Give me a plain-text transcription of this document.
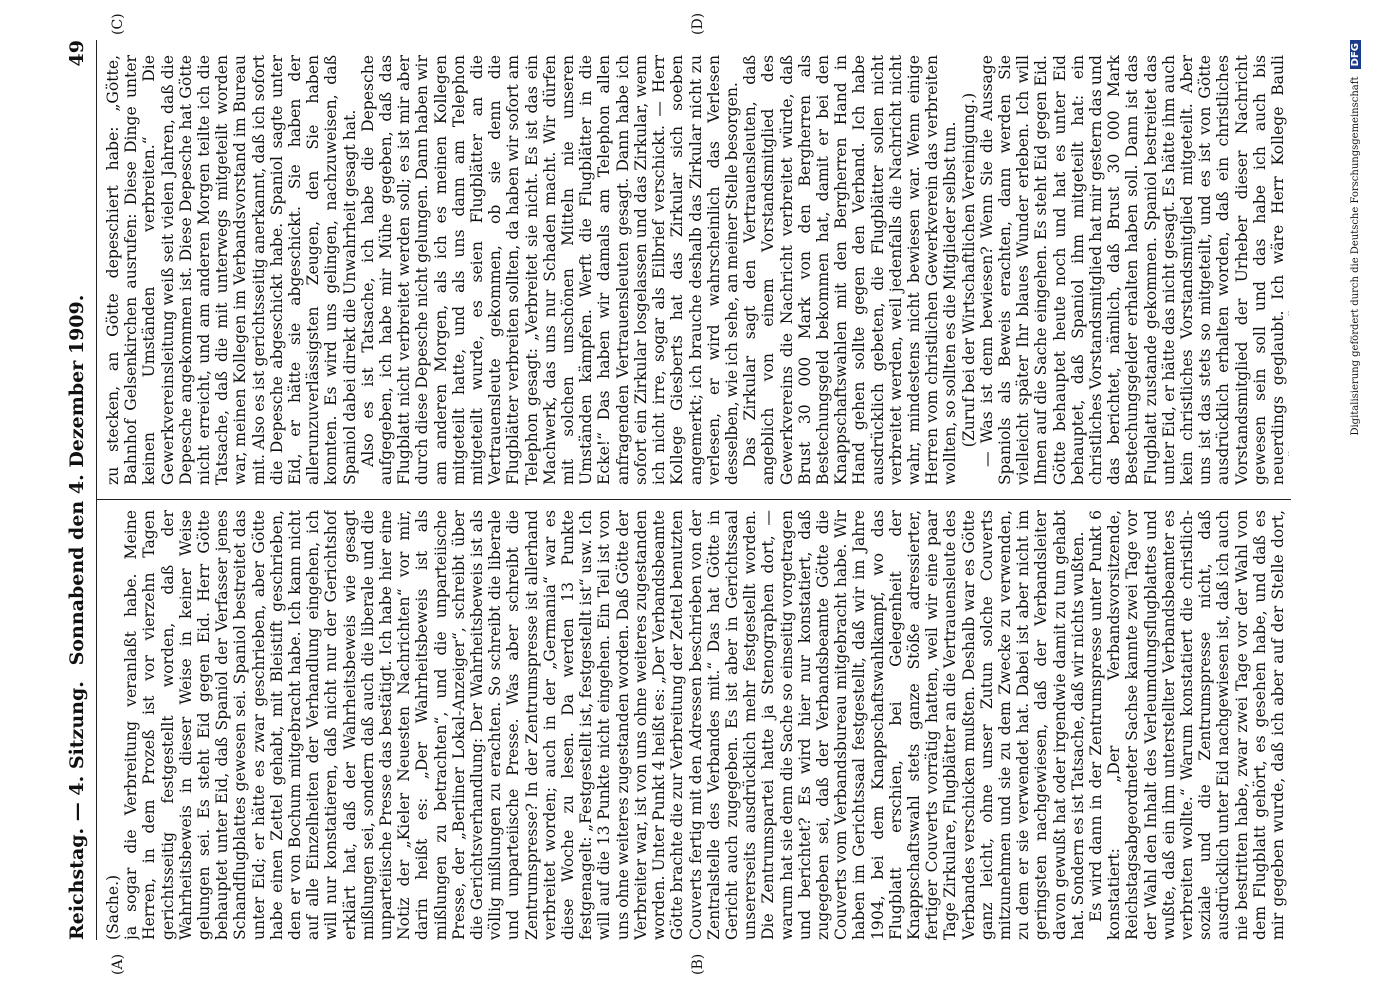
Reichstag. — 4. Sitzung.
Sonnabend den 4. Dezember 1909.
49
(A)	(B)
(C)	(D)

(Sache.) ja sogar die Verbreitung veranlaßt habe. Meine Herren, in dem Prozeß ist vor vierzehn Tagen gerichtsseitig festgestellt worden, daß der Wahrheitsbeweis in dieser Weise in keiner Weise gelungen sei. Es steht Eid gegen Eid. Herr Götte behauptet unter Eid, daß Spaniol der Verfasser jenes Schandflugblattes gewesen sei. Spaniol bestreitet das unter Eid; er hätte es zwar geschrieben, aber Götte habe einen Zettel gehabt, mit Bleistift geschrieben, den er von Bochum mitgebracht habe. Ich kann nicht auf alle Einzelheiten der Verhandlung eingehen, ich will nur konstatieren, daß nicht nur der Gerichtshof erklärt hat, daß der Wahrheitsbeweis wie gesagt mißlungen sei, sondern daß auch die liberale und die unparteiische Presse das bestätigt. Ich habe hier eine Notiz der „Kieler Neuesten Nachrichten“ vor mir, darin heißt es: „Der Wahrheitsbeweis ist als mißlungen zu betrachten“, und die unparteiische Presse, der „Berliner Lokal-Anzeiger“, schreibt über die Gerichtsverhandlung: Der Wahrheitsbeweis ist als völlig mißlungen zu erachten. So schreibt die liberale und unparteiische Presse. Was aber schreibt die Zentrumspresse? In der Zentrumspresse ist allerhand verbreitet worden; auch in der „Germania“ war es diese Woche zu lesen. Da werden 13 Punkte festgenagelt: „Festgestellt ist, festgestellt ist“ usw. Ich will auf die 13 Punkte nicht eingehen. Ein Teil ist von uns ohne weiteres zugestanden worden. Daß Götte der Verbreiter war, ist von uns ohne weiteres zugestanden worden. Unter Punkt 4 heißt es: „Der Verbandsbeamte Götte brachte die zur Verbreitung der Zettel benutzten Couverts fertig mit den Adressen beschrieben von der Zentralstelle des Verbandes mit.“ Das hat Götte in Gericht auch zugegeben. Es ist aber in Gerichtssaal unsererseits ausdrücklich mehr festgestellt worden. Die Zentrumspartei hatte ja Stenographen dort, — warum hat sie denn die Sache so einseitig vorgetragen und berichtet? Es wird hier nur konstatiert, daß zugegeben sei, daß der Verbandsbeamte Götte die Couverts vom Verbandsbureau mitgebracht habe. Wir haben im Gerichtssaal festgestellt, daß wir im Jahre 1904, bei dem Knappschaftswahlkampf, wo das Flugblatt erschien, bei Gelegenheit der Knappschaftswahl stets ganze Stöße adressierter, fertiger Couverts vorrätig hatten, weil wir eine paar Tage Zirkulare, Flugblätter an die Vertrauensleute des Verbandes verschicken mußten. Deshalb war es Götte ganz leicht, ohne unser Zutun solche Couverts mitzunehmen und sie zu dem Zwecke zu verwenden, zu dem er sie verwendet hat. Dabei ist aber nicht im geringsten nachgewiesen, daß der Verbandsleiter davon gewußt hat oder irgendwie damit zu tun gehabt hat. Sondern es ist Tatsache, daß wir nichts wußten. Es wird dann in der Zentrumspresse unter Punkt 6 konstatiert: „Der Verbandsvorsitzende, Reichstagsabgeordneter Sachse kannte zwei Tage vor der Wahl den Inhalt des Verleumdungsflugblattes und wußte, daß ein ihm unterstellter Verbandsbeamter es verbreiten wollte.“ Warum konstatiert die christlich-soziale und die Zentrumspresse nicht, daß ausdrücklich unter Eid nachgewiesen ist, daß ich auch nie bestritten habe, zwar zwei Tage vor der Wahl von dem Flugblatt gehört, es gesehen habe, und daß es mir gegeben wurde, daß ich aber auf der Stelle dort,

zu stecken, an Götte depeschiert habe: „Götte, Bahnhof Gelsenkirchen ausrufen: Diese Dinge unter keinen Umständen verbreiten.“ Die Gewerkvereinsleitung weiß seit vielen Jahren, daß die Depesche angekommen ist. Diese Depesche hat Götte nicht erreicht, und am anderen Morgen teilte ich die Tatsache, daß die mit unterwegs mitgeteilt worden war, meinen Kollegen im Verbandsvorstand im Bureau mit. Also es ist gerichtsseitig anerkannt, daß ich sofort die Depesche abgeschickt habe. Spaniol sagte unter Eid, er hätte sie abgeschickt. Sie haben der allerunzuverlässigsten Zeugen, den Sie haben konnten. Es wird uns gelingen, nachzuweisen, daß Spaniol dabei direkt die Unwahrheit gesagt hat. Also es ist Tatsache, ich habe die Depesche aufgegeben, ich habe mir Mühe gegeben, daß das Flugblatt nicht verbreitet werden soll; es ist mir aber durch diese Depesche nicht gelungen. Dann haben wir am anderen Morgen, als ich es meinen Kollegen mitgeteilt hatte, und als uns dann am Telephon mitgeteilt wurde, es seien Flugblätter an die Vertrauensleute gekommen, ob sie denn die Flugblätter verbreiten sollten, da haben wir sofort am Telephon gesagt: „Verbreitet sie nicht. Es ist das ein Machwerk, das uns nur Schaden macht. Wir dürfen mit solchen unschönen Mitteln nie unseren Umständen kämpfen. Werft die Flugblätter in die Ecke!“ Das haben wir damals am Telephon allen anfragenden Vertrauensleuten gesagt. Dann habe ich sofort ein Zirkular losgelassen und das Zirkular, wenn ich nicht irre, sogar als Eilbrief verschickt. — Herr Kollege Giesberts hat das Zirkular sich soeben angemerkt; ich brauche deshalb das Zirkular nicht zu verlesen, er wird wahrscheinlich das Verlesen desselben, wie ich sehe, an meiner Stelle besorgen. Das Zirkular sagt den Vertrauensleuten, daß angeblich von einem Vorstandsmitglied des Gewerkvereins die Nachricht verbreitet würde, daß Brust 30 000 Mark von den Bergherren als Bestechungsgeld bekommen hat, damit er bei den Knappschaftswahlen mit den Bergherren Hand in Hand gehen sollte gegen den Verband. Ich habe ausdrücklich gebeten, die Flugblätter sollen nicht verbreitet werden, weil jedenfalls die Nachricht nicht wahr, mindestens nicht bewiesen war. Wenn einige Herren vom christlichen Gewerkverein das verbreiten wollten, so sollten es die Mitglieder selbst tun. (Zuruf bei der Wirtschaftlichen Vereinigung.)

— Was ist denn bewiesen? Wenn Sie die Aussage Spaniols als Beweis erachten, dann werden Sie vielleicht später Ihr blaues Wunder erleben. Ich will Ihnen auf die Sache eingehen. Es steht Eid gegen Eid. Götte behauptet heute noch und hat es unter Eid behauptet, daß Spaniol ihm mitgeteilt hat: ein christliches Vorstandsmitglied hat mir gestern das und das berichtet, nämlich, daß Brust 30 000 Mark Bestechungsgelder erhalten haben soll. Dann ist das Flugblatt zustande gekommen. Spaniol bestreitet das unter Eid, er hätte das nicht gesagt. Es hätte ihm auch kein christliches Vorstandsmitglied mitgeteilt. Aber uns ist das stets so mitgeteilt, und es ist von Götte ausdrücklich erhalten worden, daß ein christliches Vorstandsmitglied der Urheber dieser Nachricht gewesen sein soll und das habe ich auch bis neuerdings geglaubt. Ich wäre Herr Kollege Bauli

Digitalisierung gefördert durch die Deutsche Forschungsgemeinschaft DFG
